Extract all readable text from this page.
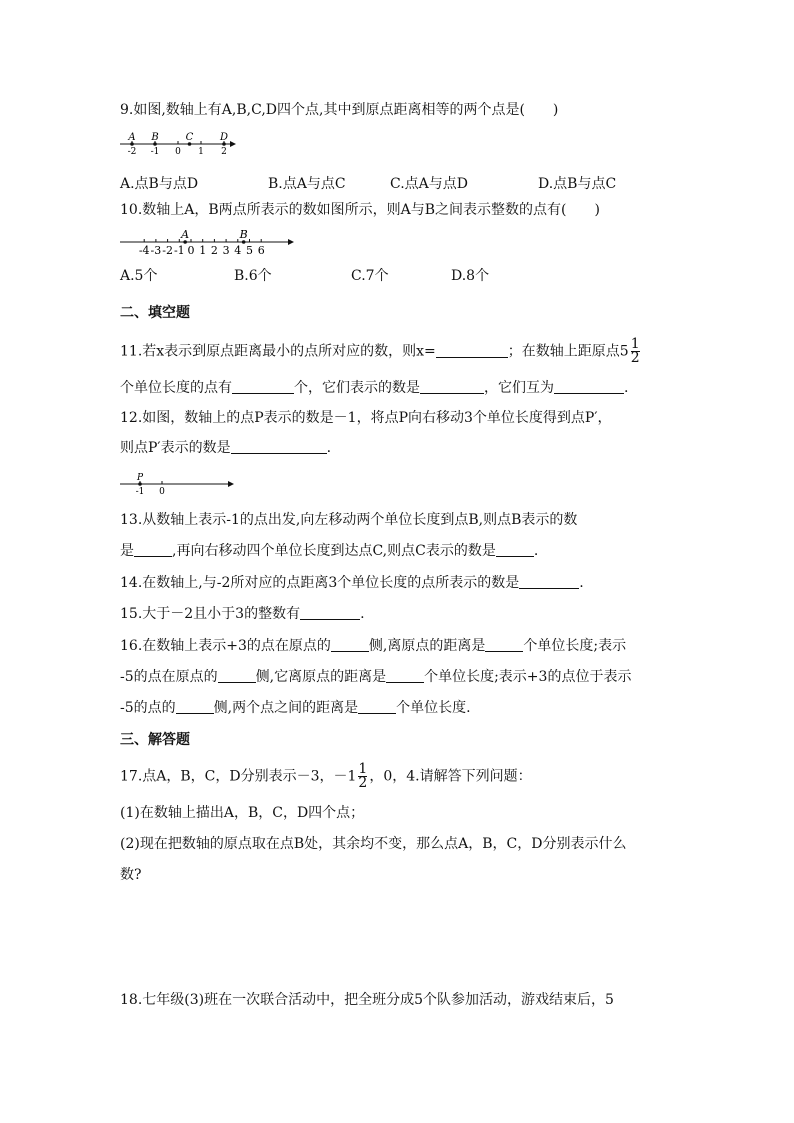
9.如图,数轴上有A,B,C,D四个点,其中到原点距离相等的两个点是(　　)
-2 -1 0 1 2
A B	C	D
A.点B与点D	B.点A与点C	C.点A与点D	D.点B与点C
10.数轴上A，B两点所表示的数如图所示，则A与B之间表示整数的点有(　　)
-4 -3 -2 -1 0 1 2 3 4 5 6
A	B
A.5个	B.6个	C.7个	D.8个
二、填空题
11.若x表示到原点距离最小的点所对应的数，则x=	；在数轴上距原点$5 \frac{1}{2}$
个单位长度的点有	个，它们表示的数是	，它们互为	.
12.如图，数轴上的点P表示的数是－1，将点P向右移动3个单位长度得到点P′，
则点P′表示的数是	.
-1 0
P
13.从数轴上表示-1的点出发,向左移动两个单位长度到点B,则点B表示的数
是	,再向右移动四个单位长度到达点C,则点C表示的数是	.
14.在数轴上,与-2所对应的点距离3个单位长度的点所表示的数是	.
15.大于－2且小于3的整数有	.
16.在数轴上表示+3的点在原点的	侧,离原点的距离是	个单位长度;表示
-5的点在原点的	侧,它离原点的距离是	个单位长度;表示+3的点位于表示
-5的点的	侧,两个点之间的距离是	个单位长度.
三、解答题
17.点A，B，C，D分别表示－3，$-1 \frac{1}{2}$ ，0，4.请解答下列问题：
(1)在数轴上描出A，B，C，D四个点；
(2)现在把数轴的原点取在点B处，其余均不变，那么点A，B，C，D分别表示什么
数?
18.七年级(3)班在一次联合活动中，把全班分成5个队参加活动，游戏结束后，5
